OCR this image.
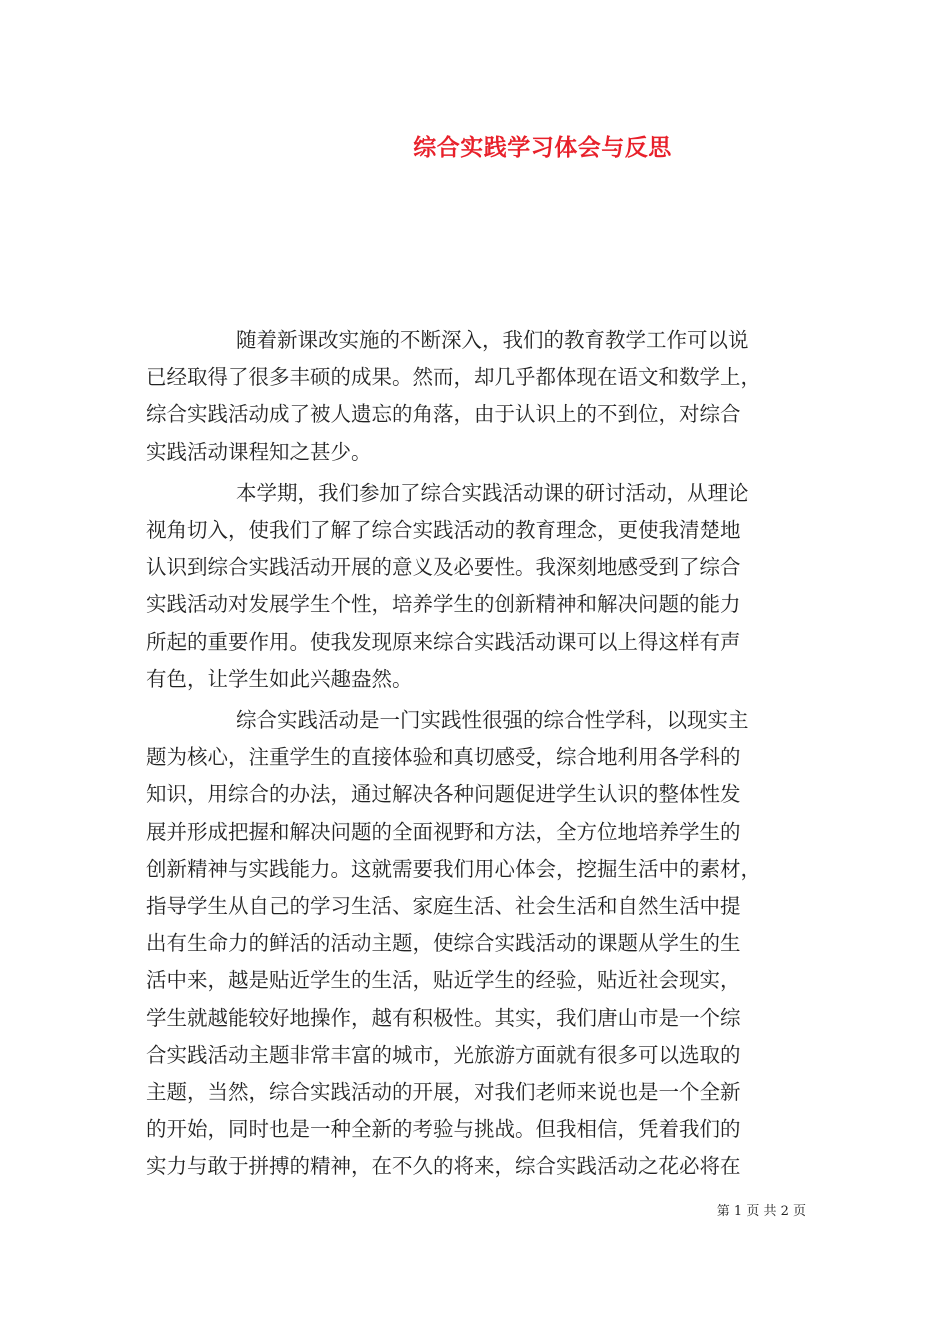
综合实践学习体会与反思

随着新课改实施的不断深入，我们的教育教学工作可以说
已经取得了很多丰硕的成果。然而，却几乎都体现在语文和数学上，
综合实践活动成了被人遗忘的角落，由于认识上的不到位，对综合
实践活动课程知之甚少。

本学期，我们参加了综合实践活动课的研讨活动，从理论
视角切入，使我们了解了综合实践活动的教育理念，更使我清楚地
认识到综合实践活动开展的意义及必要性。我深刻地感受到了综合
实践活动对发展学生个性，培养学生的创新精神和解决问题的能力
所起的重要作用。使我发现原来综合实践活动课可以上得这样有声
有色，让学生如此兴趣盎然。

综合实践活动是一门实践性很强的综合性学科，以现实主
题为核心，注重学生的直接体验和真切感受，综合地利用各学科的
知识，用综合的办法，通过解决各种问题促进学生认识的整体性发
展并形成把握和解决问题的全面视野和方法，全方位地培养学生的
创新精神与实践能力。这就需要我们用心体会，挖掘生活中的素材，
指导学生从自己的学习生活、家庭生活、社会生活和自然生活中提
出有生命力的鲜活的活动主题，使综合实践活动的课题从学生的生
活中来，越是贴近学生的生活，贴近学生的经验，贴近社会现实，
学生就越能较好地操作，越有积极性。其实，我们唐山市是一个综
合实践活动主题非常丰富的城市，光旅游方面就有很多可以选取的
主题，当然，综合实践活动的开展，对我们老师来说也是一个全新
的开始，同时也是一种全新的考验与挑战。但我相信，凭着我们的
实力与敢于拼搏的精神，在不久的将来，综合实践活动之花必将在

第 1 页 共 2 页
